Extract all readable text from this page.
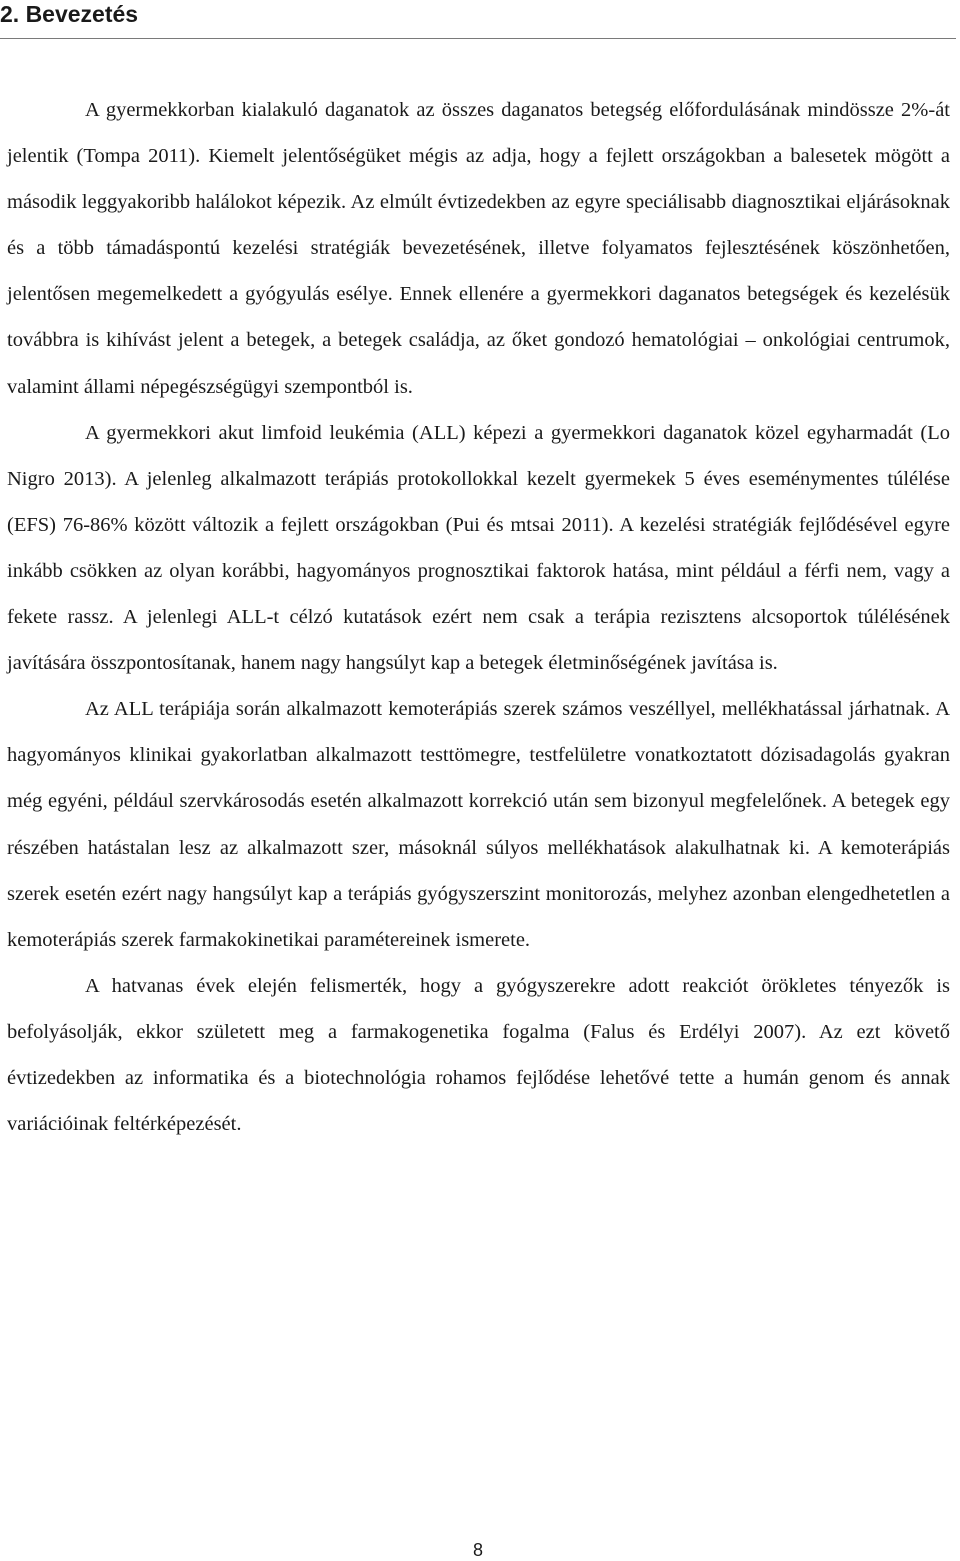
2. Bevezetés

A gyermekkorban kialakuló daganatok az összes daganatos betegség előfordulásának mindössze 2%-át jelentik (Tompa 2011). Kiemelt jelentőségüket mégis az adja, hogy a fejlett országokban a balesetek mögött a második leggyakoribb halálokot képezik. Az elmúlt évtizedekben az egyre speciálisabb diagnosztikai eljárásoknak és a több támadáspontú kezelési stratégiák bevezetésének, illetve folyamatos fejlesztésének köszönhetően, jelentősen megemelkedett a gyógyulás esélye. Ennek ellenére a gyermekkori daganatos betegségek és kezelésük továbbra is kihívást jelent a betegek, a betegek családja, az őket gondozó hematológiai – onkológiai centrumok, valamint állami népegészségügyi szempontból is.

A gyermekkori akut limfoid leukémia (ALL) képezi a gyermekkori daganatok közel egyharmadát (Lo Nigro 2013). A jelenleg alkalmazott terápiás protokollokkal kezelt gyermekek 5 éves eseménymentes túlélése (EFS) 76-86% között változik a fejlett országokban (Pui és mtsai 2011). A kezelési stratégiák fejlődésével egyre inkább csökken az olyan korábbi, hagyományos prognosztikai faktorok hatása, mint például a férfi nem, vagy a fekete rassz. A jelenlegi ALL-t célzó kutatások ezért nem csak a terápia rezisztens alcsoportok túlélésének javítására összpontosítanak, hanem nagy hangsúlyt kap a betegek életminőségének javítása is.

Az ALL terápiája során alkalmazott kemoterápiás szerek számos veszéllyel, mellékhatással járhatnak. A hagyományos klinikai gyakorlatban alkalmazott testtömegre, testfelületre vonatkoztatott dózisadagolás gyakran még egyéni, például szervkárosodás esetén alkalmazott korrekció után sem bizonyul megfelelőnek. A betegek egy részében hatástalan lesz az alkalmazott szer, másoknál súlyos mellékhatások alakulhatnak ki. A kemoterápiás szerek esetén ezért nagy hangsúlyt kap a terápiás gyógyszerszint monitorozás, melyhez azonban elengedhetetlen a kemoterápiás szerek farmakokinetikai paramétereinek ismerete.

A hatvanas évek elején felismerték, hogy a gyógyszerekre adott reakciót örökletes tényezők is befolyásolják, ekkor született meg a farmakogenetika fogalma (Falus és Erdélyi 2007). Az ezt követő évtizedekben az informatika és a biotechnológia rohamos fejlődése lehetővé tette a humán genom és annak variációinak feltérképezését.

8
